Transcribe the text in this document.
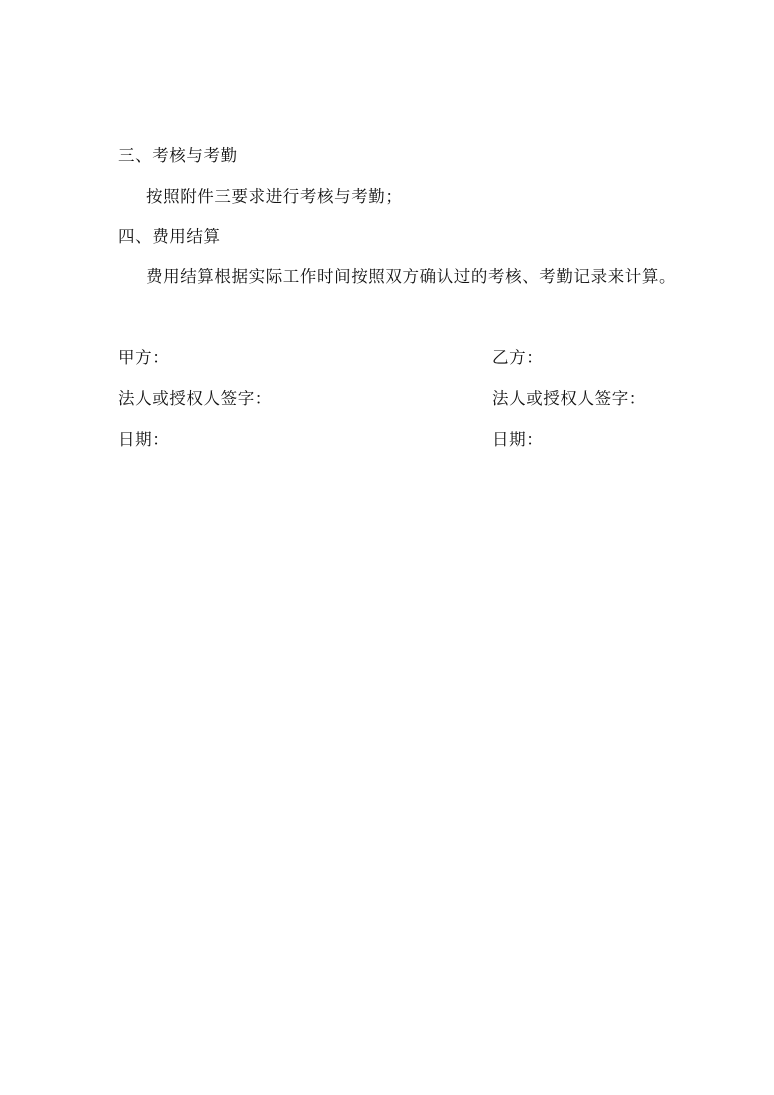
三、考核与考勤
按照附件三要求进行考核与考勤；
四、费用结算
费用结算根据实际工作时间按照双方确认过的考核、考勤记录来计算。
甲方：
法人或授权人签字：
日期：
乙方：
法人或授权人签字：
日期：
